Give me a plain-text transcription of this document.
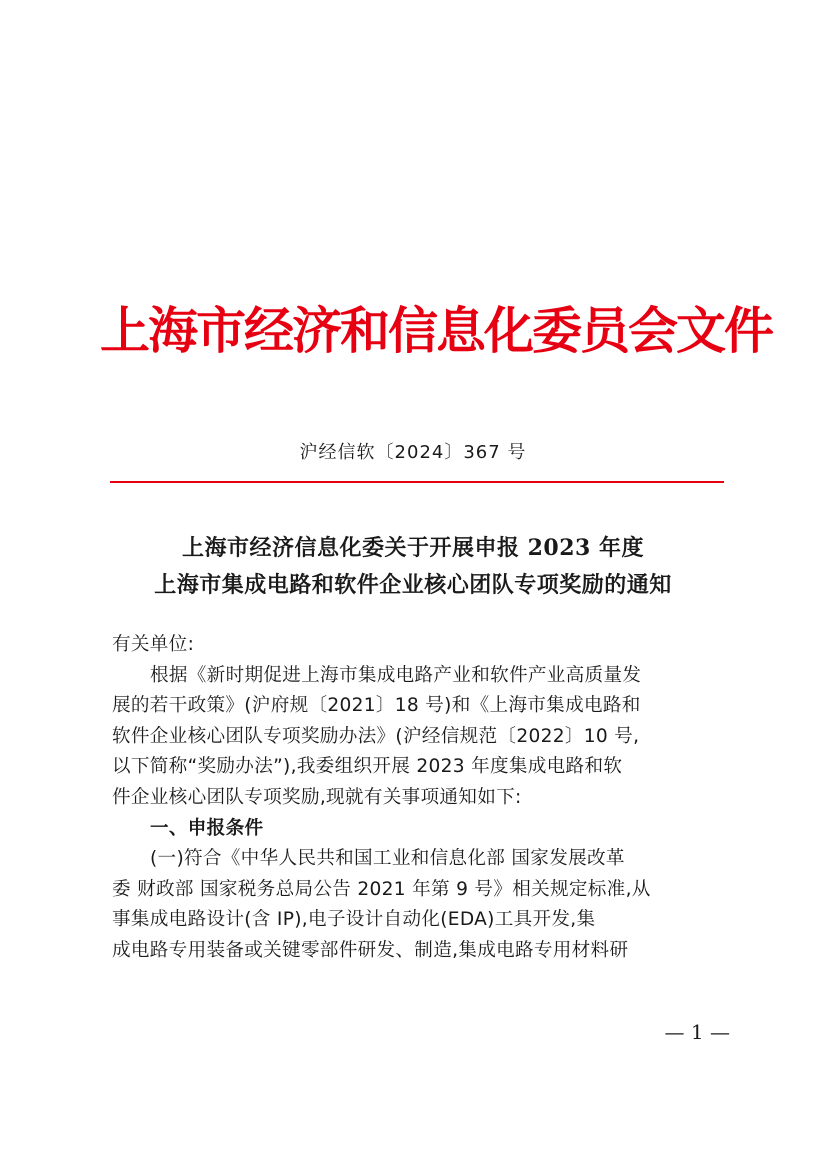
上海市经济和信息化委员会文件
沪经信软〔2024〕367 号
上海市经济信息化委关于开展申报 2023 年度
上海市集成电路和软件企业核心团队专项奖励的通知
有关单位:
根据《新时期促进上海市集成电路产业和软件产业高质量发
展的若干政策》(沪府规〔2021〕18 号)和《上海市集成电路和
软件企业核心团队专项奖励办法》(沪经信规范〔2022〕10 号,
以下简称“奖励办法”),我委组织开展 2023 年度集成电路和软
件企业核心团队专项奖励,现就有关事项通知如下:
一、申报条件
(一)符合《中华人民共和国工业和信息化部 国家发展改革
委 财政部 国家税务总局公告 2021 年第 9 号》相关规定标准,从
事集成电路设计(含 IP),电子设计自动化(EDA)工具开发,集
成电路专用装备或关键零部件研发、制造,集成电路专用材料研
— 1 —
